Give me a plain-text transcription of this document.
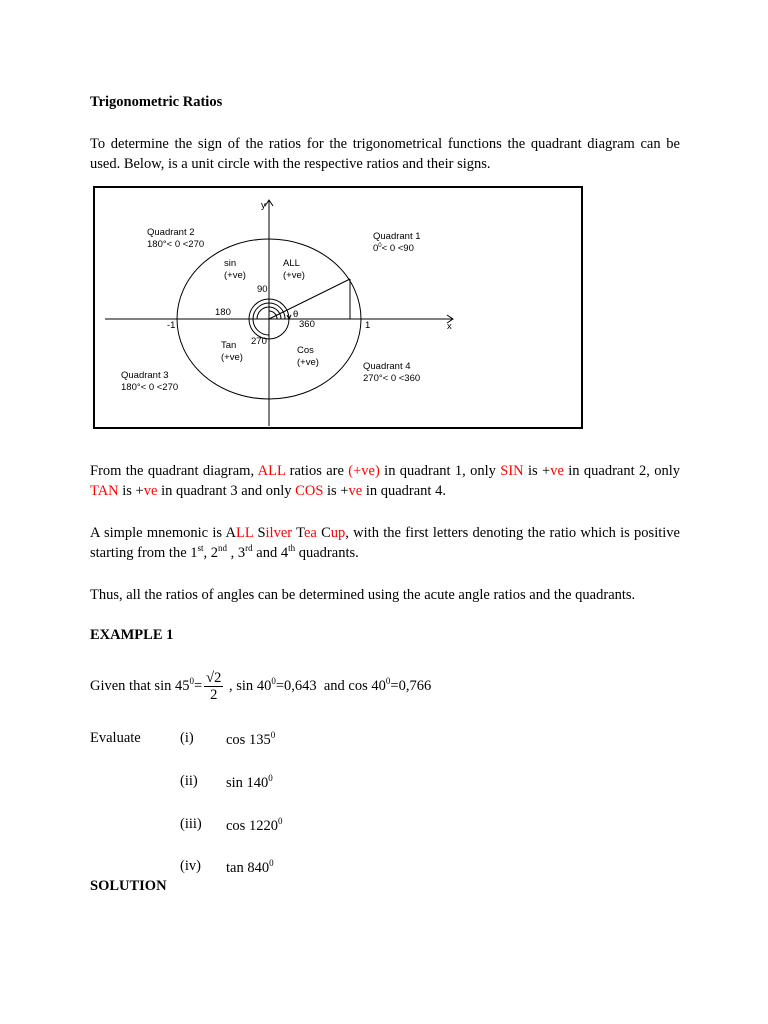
Trigonometric Ratios
To determine the sign of the ratios for the trigonometrical functions the quadrant diagram can be used. Below, is a unit circle with the respective ratios and their signs.
y
x
Quadrant 2
180°< 0 <270
Quadrant 1
$0^0< 0 <90$
Quadrant 3
180°< 0 <270
Quadrant 4
270°< 0 <360
sin
(+ve)
ALL
(+ve)
Tan
(+ve)
Cos
(+ve)
90
180
270
360
θ
-1	1
From the quadrant diagram, ALL ratios are (+ve) in quadrant 1, only SIN is +ve in quadrant 2, only TAN is +ve in quadrant 3 and only COS is +ve in quadrant 4.
A simple mnemonic is ALL Silver Tea Cup, with the first letters denoting the ratio which is positive starting from the 1st, 2nd , 3rd and 4th quadrants.
Thus, all the ratios of angles can be determined using the acute angle ratios and the quadrants.
EXAMPLE 1
Given that $\sin 45^0= \frac{√2}{2}$ , $\sin 40^0=0,643$ and $\cos 40^0=0,766$
Evaluate	(i) $\cos 135^0$
(ii) $\sin 140^0$
(iii) cos 1220$^0$
(iv) $\tan 840^0$
SOLUTION
